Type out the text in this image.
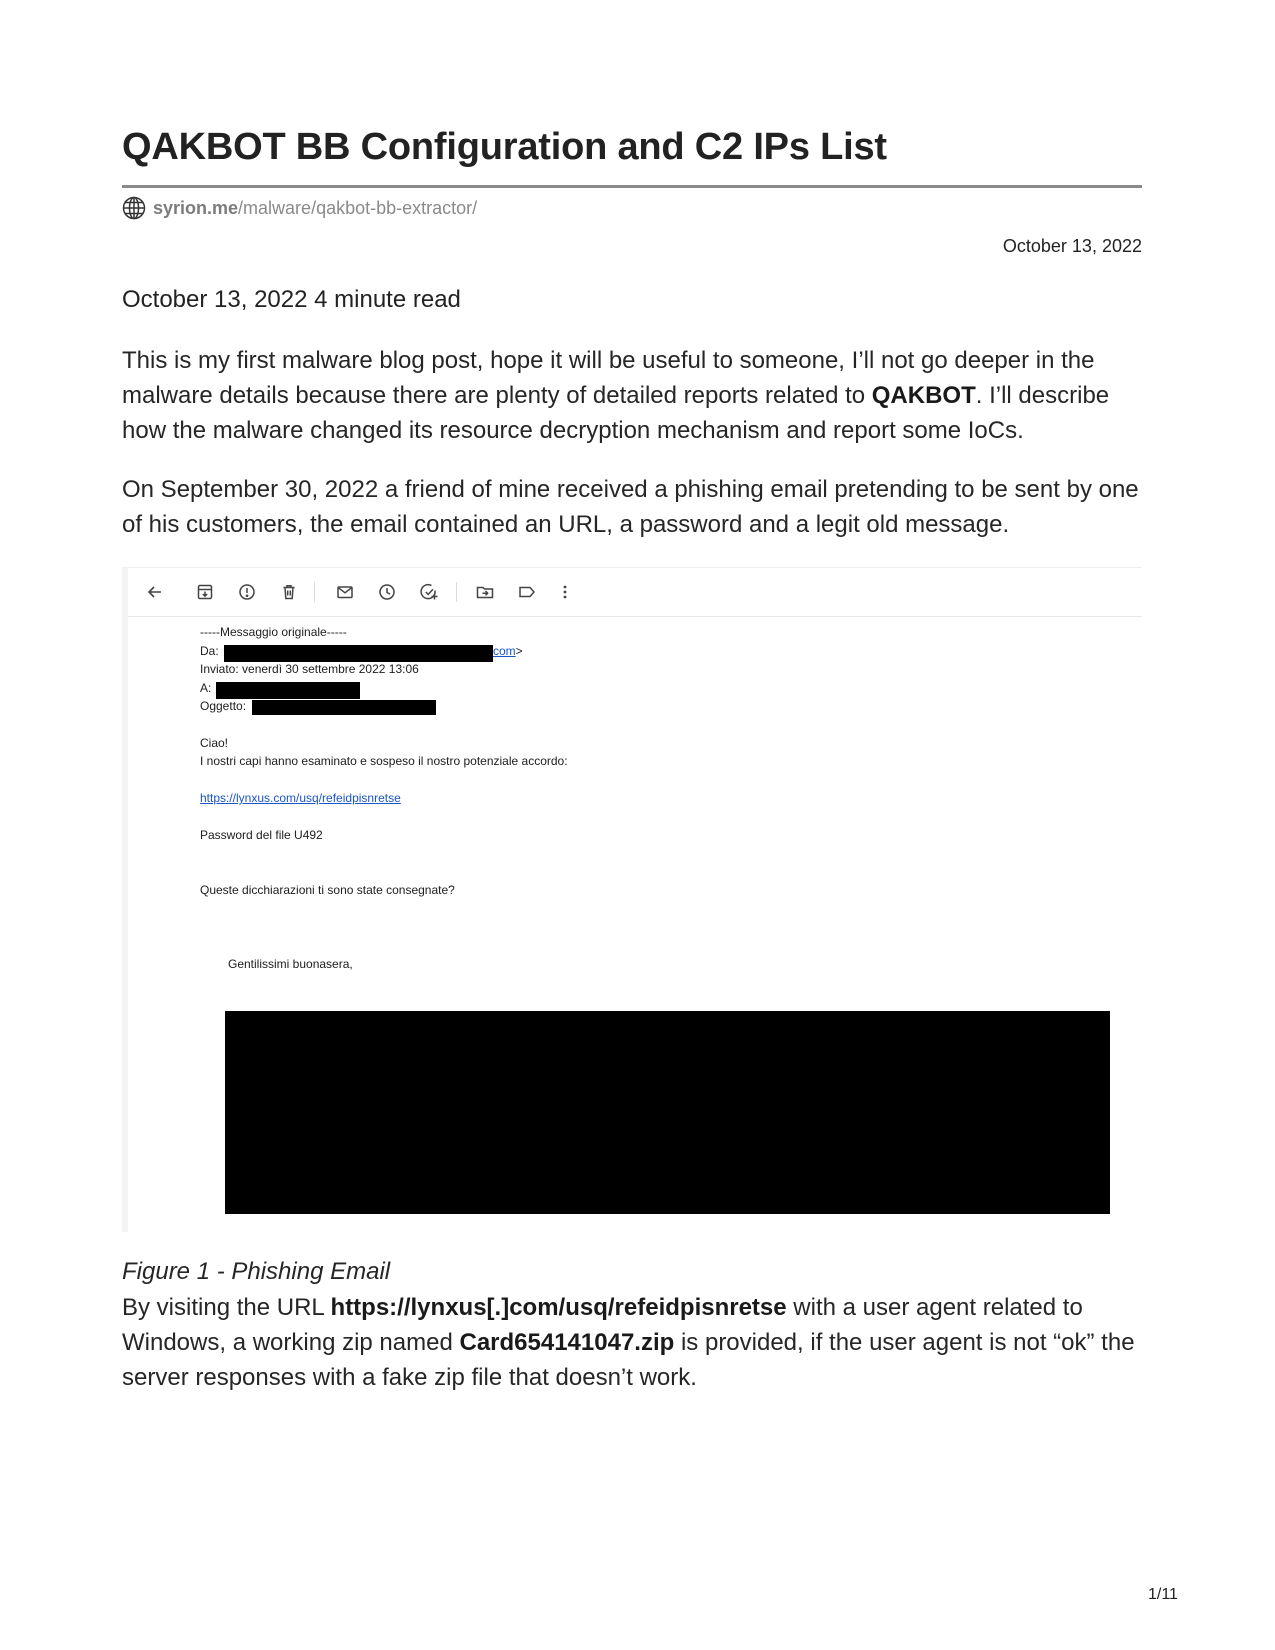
QAKBOT BB Configuration and C2 IPs List
syrion.me /malware/qakbot-bb-extractor/
October 13, 2022
October 13, 2022 4 minute read

This is my first malware blog post, hope it will be useful to someone, I’ll not go deeper in the malware details because there are plenty of detailed reports related to QAKBOT. I’ll describe how the malware changed its resource decryption mechanism and report some IoCs.

On September 30, 2022 a friend of mine received a phishing email pretending to be sent by one of his customers, the email contained an URL, a password and a legit old message.

-----Messaggio originale-----
Da:	com>
Inviato: venerdì 30 settembre 2022 13:06
A:
Oggetto:
Ciao!
I nostri capi hanno esaminato e sospeso il nostro potenziale accordo:
https://lynxus.com/usq/refeidpisnretse
Password del file U492
Queste dicchiarazioni ti sono state consegnate?
Gentilissimi buonasera,
Figure 1 - Phishing Email

By visiting the URL https://lynxus[.]com/usq/refeidpisnretse with a user agent related to Windows, a working zip named Card654141047.zip is provided, if the user agent is not “ok” the server responses with a fake zip file that doesn’t work.

1/11
